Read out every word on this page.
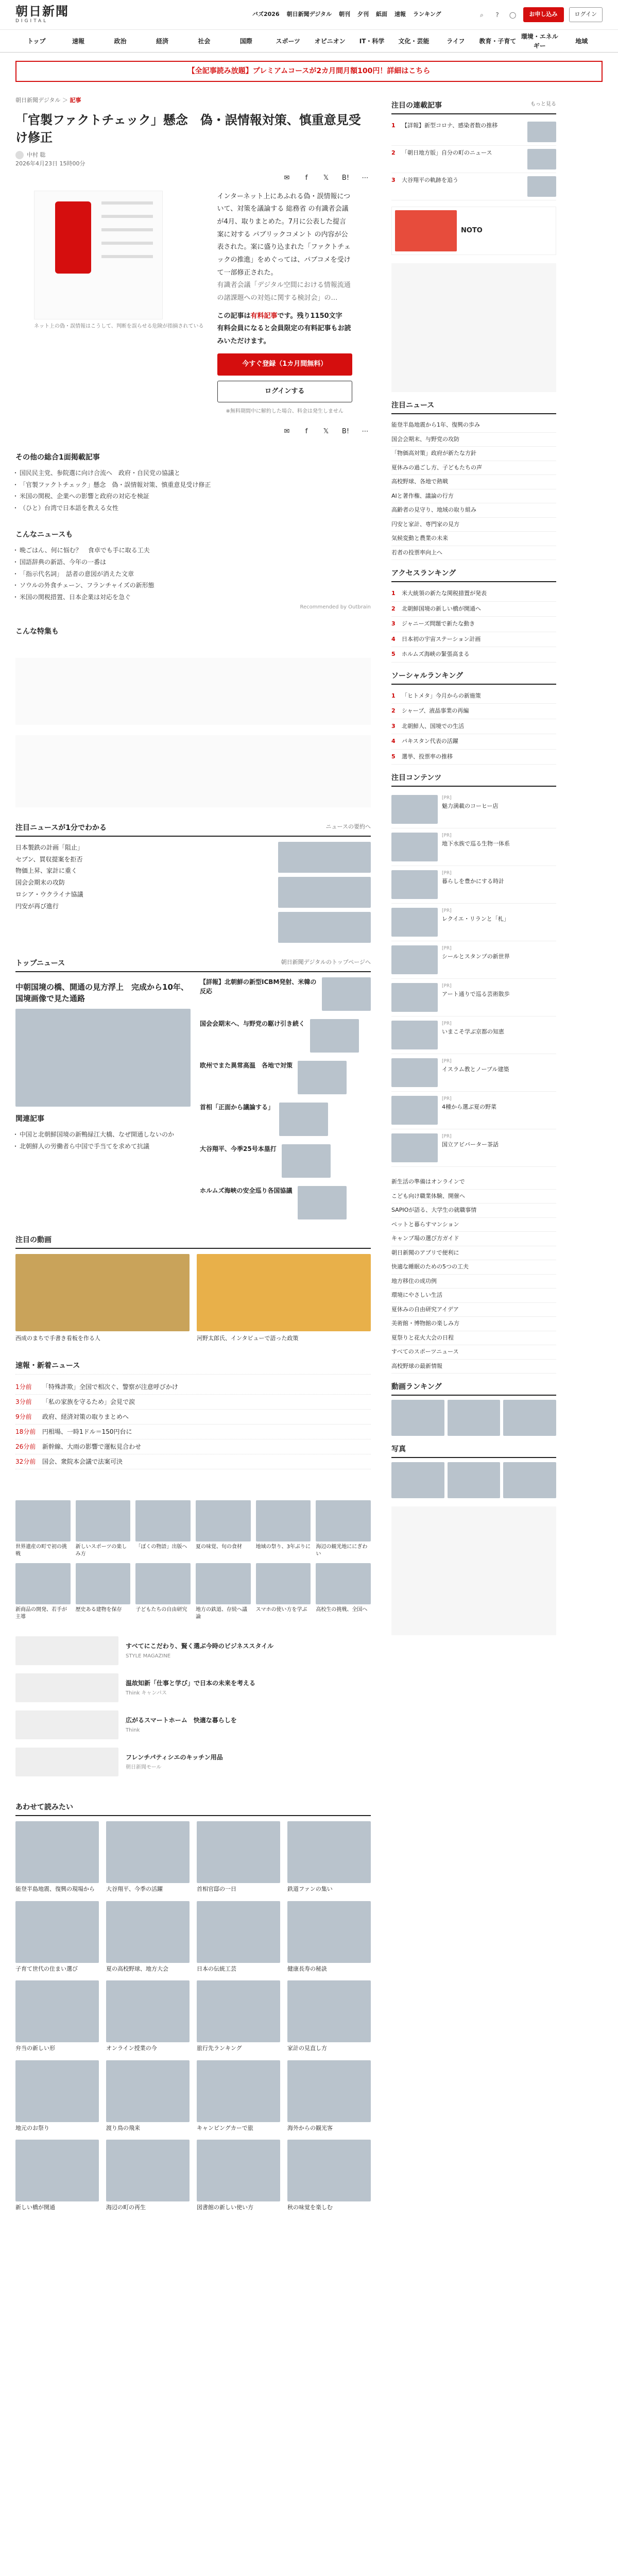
朝日新聞
DIGITAL
バズ2026 朝日新聞デジタル 朝刊 夕刊 紙面 速報 ランキング	⌕	?	◯	お申し込み	ログイン
トップ	速報	政治	経済	社会	国際	スポーツ	オピニオン	IT・科学	文化・芸能	ライフ	教育・子育て
環境・エネルギー
地域
【全記事読み放題】プレミアムコースが2カ月間月額100円！詳細はこちら
朝日新聞デジタル ＞ 記事
「官製ファクトチェック」懸念　偽・誤情報対策、慎重意見受け修正
中村 聡
2026年4月23日 15時00分
✉	f	𝕏	B!	⋯
ネット上の偽・誤情報はこうして、判断を誤らせる危険が指摘されている

インターネット上にあふれる偽・誤情報について、対策を議論する 総務省 の有識者会議が4月、取りまとめた。7月に公表した提言案に対する パブリックコメント の内容が公表された。案に盛り込まれた「ファクトチェックの推進」をめぐっては、パブコメを受けて一部修正された。

有識者会議「デジタル空間における情報流通の諸課題への対処に関する検討会」の…

この記事は有料記事です。残り1150文字

有料会員になると会員限定の有料記事もお読みいただけます。

今すぐ登録（1カ月間無料）
ログインする
※無料期間中に解約した場合、料金は発生しません
✉	f	𝕏	B!	⋯
その他の総合1面掲載記事
・ 国民民主党、参院選に向け合流へ　政府・自民党の協議と
・ 「官製ファクトチェック」懸念　偽・誤情報対策、慎重意見受け修正
・ 米国の関税、企業への影響と政府の対応を検証
・ （ひと）台湾で日本語を教える女性
こんなニュースも
・ 晩ごはん、何に悩む？　食卓でも手に取る工夫
・ 国語辞典の新語、今年の一番は
・ 「指示代名詞」　話者の意図が消えた文章
・ ソウルの外食チェーン、フランチャイズの新形態
・ 米国の関税措置、日本企業は対応を急ぐ
Recommended by Outbrain
こんな特集も
注目ニュースが1分でわかる	ニュースの要約へ
日本製鉄の計画「阻止」
セブン、買収提案を拒否
物価上昇、家計に重く
国会会期末の攻防
ロシア・ウクライナ協議
円安が再び進行
トップニュース	朝日新聞デジタルのトップページへ
中朝国境の橋、開通の見方浮上　完成から10年、国境画像で見た通路
関連記事
・ 中国と北朝鮮国境の新鴨緑江大橋、なぜ開通しないのか
・ 北朝鮮人の労働者ら中国で手当てを求めて抗議
【詳報】北朝鮮の新型ICBM発射、米韓の反応
国会会期末へ、与野党の駆け引き続く
欧州でまた異常高温　各地で対策
首相「正面から議論する」
大谷翔平、今季25号本塁打
ホルムズ海峡の安全巡り各国協議
注目の動画

西成のまちで手書き看板を作る人	河野太郎氏、インタビューで語った政策

速報・新着ニュース
1分前	「特殊詐欺」全国で相次ぐ、警察が注意呼びかけ
3分前	「私の家族を守るため」会見で涙
9分前	政府、経済対策の取りまとめへ
18分前 円相場、一時1ドル＝150円台に
26分前 新幹線、大雨の影響で運転見合わせ
32分前 国会、衆院本会議で法案可決

世界遺産の町で初の挑戦

新しいスポーツの楽しみ方

「ぼくの物語」出版へ	夏の味覚、旬の食材	地域の祭り、3年ぶりに 海辺の観光地ににぎわい

新商品の開発、若手が主導

歴史ある建物を保存	子どもたちの自由研究	地方の鉄道、存続へ議論

スマホの使い方を学ぶ	高校生の挑戦、全国へ

すべてにこだわり、賢く選ぶ今時のビジネススタイル

STYLE MAGAZINE

温故知新「仕事と学び」で日本の未来を考える

Think キャンパス

広がるスマートホーム　快適な暮らしを

Think

フレンチパティシエのキッチン用品

朝日新聞モール
あわせて読みたい

能登半島地震、復興の現場から	大谷翔平、今季の活躍	首相官邸の一日	鉄道ファンの集い

子育て世代の住まい選び	夏の高校野球、地方大会	日本の伝統工芸	健康長寿の秘訣

弁当の新しい形	オンライン授業の今	旅行先ランキング	家計の見直し方

地元のお祭り	渡り鳥の飛来	キャンピングカーで旅	海外からの観光客

新しい橋が開通	海辺の町の再生	図書館の新しい使い方	秋の味覚を楽しむ

注目の連載記事	もっと見る
1	【詳報】新型コロナ、感染者数の推移
2	「朝日地方版」自分の町のニュース
3	大谷翔平の軌跡を追う
NOTO
注目ニュース
能登半島地震から1年、復興の歩み
国会会期末、与野党の攻防
「物価高対策」政府が新たな方針
夏休みの過ごし方、子どもたちの声
高校野球、各地で熱戦
AIと著作権、議論の行方
高齢者の見守り、地域の取り組み
円安と家計、専門家の見方
気候変動と農業の未来
若者の投票率向上へ
アクセスランキング
1	米大統領の新たな関税措置が発表
2	北朝鮮国境の新しい橋が開通へ
3	ジャニーズ問題で新たな動き
4	日本初の宇宙ステーション計画
5	ホルムズ海峡の緊張高まる
ソーシャルランキング
1	「ヒトメタ」今月からの新施策
2	シャープ、液晶事業の再編
3	北朝鮮人、国境での生活
4	パキスタン代表の活躍
5	選挙、投票率の推移
注目コンテンツ
[PR]
魅力満載のコーヒー店
[PR]
地下水族で巡る生物一体系
[PR]
暮らしを豊かにする時計
[PR]
レクイエ・リランと「札」
[PR]
シールとスタンプの新世界
[PR]
アート通りで巡る芸術散歩
[PR]
いまこそ学ぶ京都の知恵
[PR]
イスラム教とノーブル建築
[PR]
4種から選ぶ夏の野菜
[PR]
国立アビバーター茶話
新生活の準備はオンラインで
こども向け職業体験、開催へ
SAPIOが語る、大学生の就職事情
ペットと暮らすマンション
キャンプ場の選び方ガイド
朝日新聞のアプリで便利に
快適な睡眠のための5つの工夫
地方移住の成功例
環境にやさしい生活
夏休みの自由研究アイデア
美術館・博物館の楽しみ方
夏祭りと花火大会の日程
すべてのスポーツニュース
高校野球の最新情報
動画ランキング
写真
